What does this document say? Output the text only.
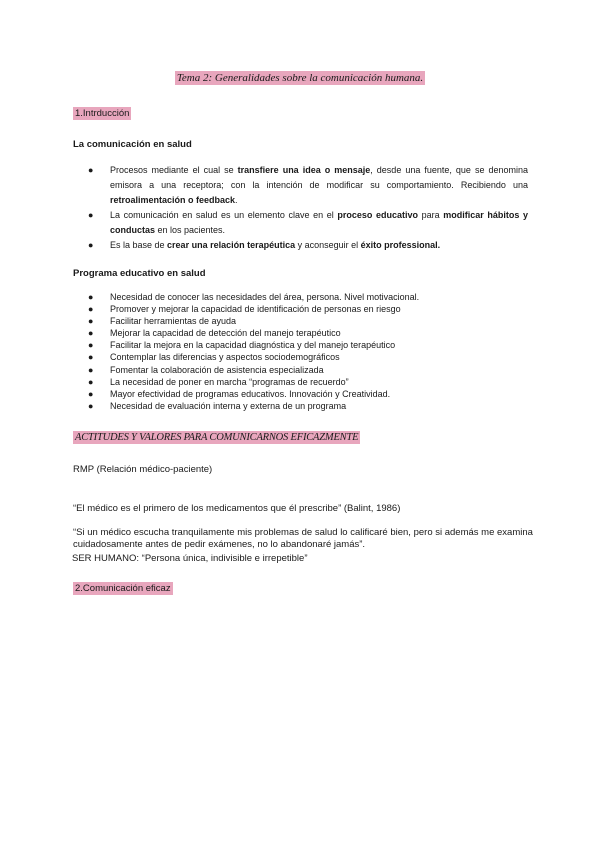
Tema 2: Generalidades sobre la comunicación humana.
1.Intrducción
La comunicación en salud
● Procesos mediante el cual se transfiere una idea o mensaje, desde una fuente, que se denomina emisora a una receptora; con la intención de modificar su comportamiento. Recibiendo una retroalimentación o feedback.
● La comunicación en salud es un elemento clave en el proceso educativo para modificar hábitos y conductas en los pacientes.
● Es la base de crear una relación terapéutica y aconseguir el éxito professional.
Programa educativo en salud
● Necesidad de conocer las necesidades del área, persona. Nivel motivacional.
● Promover y mejorar la capacidad de identificación de personas en riesgo
● Facilitar herramientas de ayuda
● Mejorar la capacidad de detección del manejo terapéutico
● Facilitar la mejora en la capacidad diagnóstica y del manejo terapéutico
● Contemplar las diferencias y aspectos sociodemográficos
● Fomentar la colaboración de asistencia especializada
● La necesidad de poner en marcha “programas de recuerdo”
● Mayor efectividad de programas educativos. Innovación y Creatividad.
● Necesidad de evaluación interna y externa de un programa
ACTITUDES Y VALORES PARA COMUNICARNOS EFICAZMENTE
RMP (Relación médico-paciente)
“El médico es el primero de los medicamentos que él prescribe” (Balint, 1986)
“Si un médico escucha tranquilamente mis problemas de salud lo calificaré bien, pero si además me examina cuidadosamente antes de pedir exámenes, no lo abandonaré jamás”.
SER HUMANO: “Persona única, indivisible e irrepetible”
2.Comunicación eficaz
